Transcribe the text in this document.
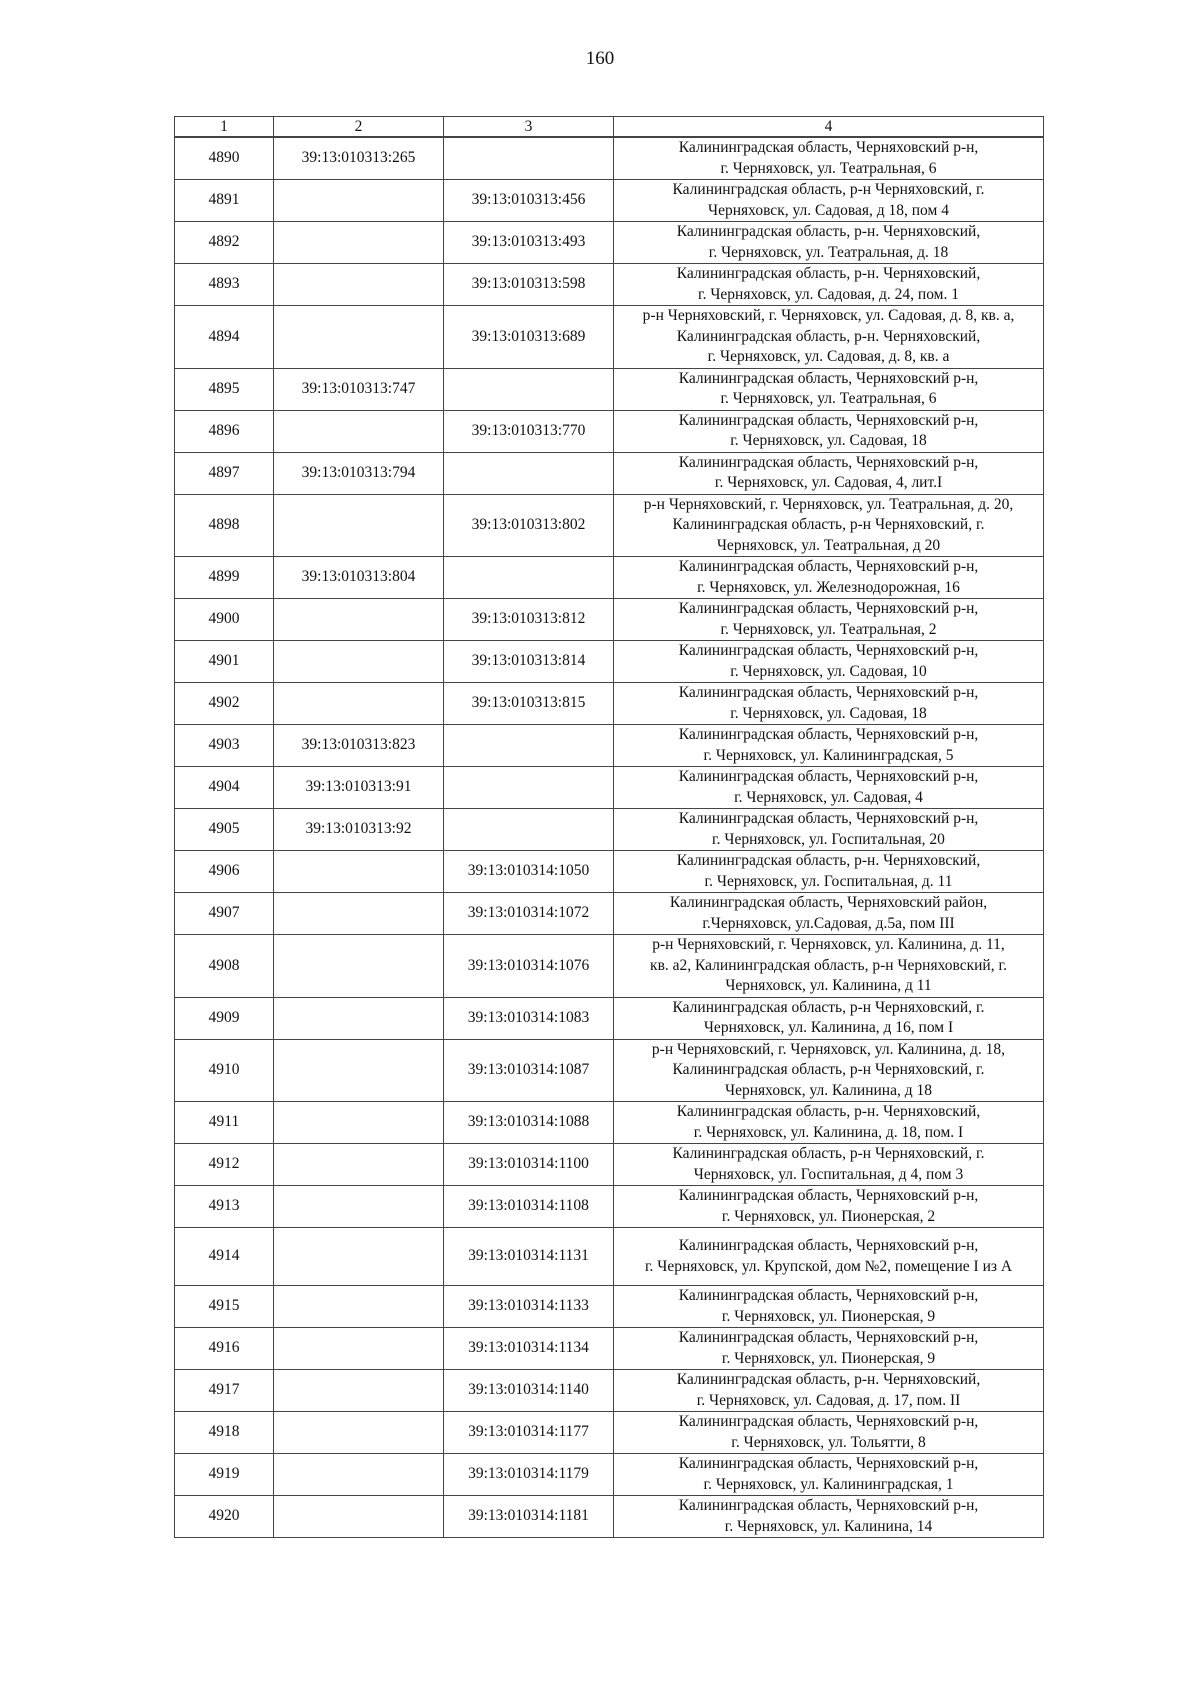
160
1	2	3	4
4890	39:13:010313:265		Калининградская область, Черняховский р-н,
г. Черняховск, ул. Театральная, 6

4891		39:13:010313:456	Калининградская область, р-н Черняховский, г.
Черняховск, ул. Садовая, д 18, пом 4

4892		39:13:010313:493	Калининградская область, р-н. Черняховский,
г. Черняховск, ул. Театральная, д. 18

4893		39:13:010313:598	Калининградская область, р-н. Черняховский,
г. Черняховск, ул. Садовая, д. 24, пом. 1

4894		39:13:010313:689	р-н Черняховский, г. Черняховск, ул. Садовая, д. 8, кв. а,
Калининградская область, р-н. Черняховский,
г. Черняховск, ул. Садовая, д. 8, кв. а

4895	39:13:010313:747		Калининградская область, Черняховский р-н,
г. Черняховск, ул. Театральная, 6

4896		39:13:010313:770	Калининградская область, Черняховский р-н,
г. Черняховск, ул. Садовая, 18

4897	39:13:010313:794		Калининградская область, Черняховский р-н,
г. Черняховск, ул. Садовая, 4, лит.I

4898		39:13:010313:802	р-н Черняховский, г. Черняховск, ул. Театральная, д. 20,
Калининградская область, р-н Черняховский, г.
Черняховск, ул. Театральная, д 20

4899	39:13:010313:804		Калининградская область, Черняховский р-н,
г. Черняховск, ул. Железнодорожная, 16

4900		39:13:010313:812	Калининградская область, Черняховский р-н,
г. Черняховск, ул. Театральная, 2

4901		39:13:010313:814	Калининградская область, Черняховский р-н,
г. Черняховск, ул. Садовая, 10

4902		39:13:010313:815	Калининградская область, Черняховский р-н,
г. Черняховск, ул. Садовая, 18

4903	39:13:010313:823		Калининградская область, Черняховский р-н,
г. Черняховск, ул. Калининградская, 5

4904	39:13:010313:91		Калининградская область, Черняховский р-н,
г. Черняховск, ул. Садовая, 4

4905	39:13:010313:92		Калининградская область, Черняховский р-н,
г. Черняховск, ул. Госпитальная, 20

4906		39:13:010314:1050	Калининградская область, р-н. Черняховский,
г. Черняховск, ул. Госпитальная, д. 11

4907		39:13:010314:1072	Калининградская область, Черняховский район,
г.Черняховск, ул.Садовая, д.5а, пом III

4908		39:13:010314:1076	р-н Черняховский, г. Черняховск, ул. Калинина, д. 11,
кв. а2, Калининградская область, р-н Черняховский, г.
Черняховск, ул. Калинина, д 11

4909		39:13:010314:1083	Калининградская область, р-н Черняховский, г.
Черняховск, ул. Калинина, д 16, пом I

4910		39:13:010314:1087	р-н Черняховский, г. Черняховск, ул. Калинина, д. 18,
Калининградская область, р-н Черняховский, г.
Черняховск, ул. Калинина, д 18

4911		39:13:010314:1088	Калининградская область, р-н. Черняховский,
г. Черняховск, ул. Калинина, д. 18, пом. I

4912		39:13:010314:1100	Калининградская область, р-н Черняховский, г.
Черняховск, ул. Госпитальная, д 4, пом 3

4913		39:13:010314:1108	Калининградская область, Черняховский р-н,
г. Черняховск, ул. Пионерская, 2

4914		39:13:010314:1131	Калининградская область, Черняховский р-н,
г. Черняховск, ул. Крупской, дом №2, помещение I из А

4915		39:13:010314:1133	Калининградская область, Черняховский р-н,
г. Черняховск, ул. Пионерская, 9

4916		39:13:010314:1134	Калининградская область, Черняховский р-н,
г. Черняховск, ул. Пионерская, 9

4917		39:13:010314:1140	Калининградская область, р-н. Черняховский,
г. Черняховск, ул. Садовая, д. 17, пом. II

4918		39:13:010314:1177	Калининградская область, Черняховский р-н,
г. Черняховск, ул. Тольятти, 8

4919		39:13:010314:1179	Калининградская область, Черняховский р-н,
г. Черняховск, ул. Калининградская, 1

4920		39:13:010314:1181	Калининградская область, Черняховский р-н,
г. Черняховск, ул. Калинина, 14
